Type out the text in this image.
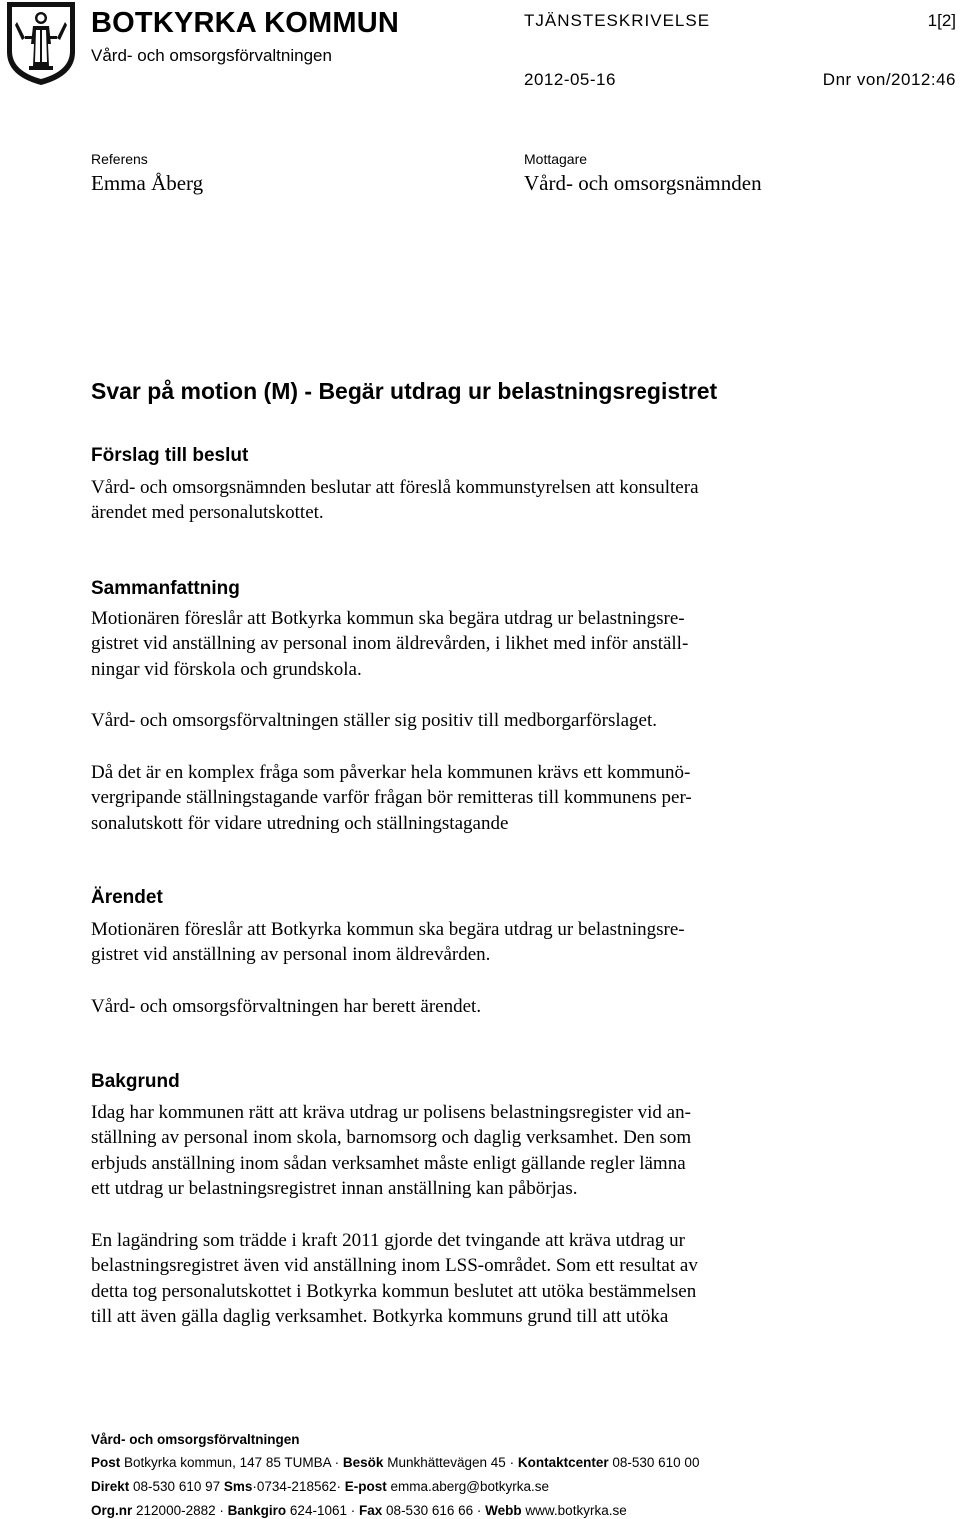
BOTKYRKA KOMMUN
Vård- och omsorgsförvaltningen
TJÄNSTESKRIVELSE	1[2]
2012-05-16	Dnr von/2012:46
Referens
Emma Åberg
Mottagare
Vård- och omsorgsnämnden
Svar på motion (M) - Begär utdrag ur belastningsregistret
Förslag till beslut
Vård- och omsorgsnämnden beslutar att föreslå kommunstyrelsen att konsultera
ärendet med personalutskottet.
Sammanfattning
Motionären föreslår att Botkyrka kommun ska begära utdrag ur belastningsre-
gistret vid anställning av personal inom äldrevården, i likhet med inför anställ-
ningar vid förskola och grundskola.
Vård- och omsorgsförvaltningen ställer sig positiv till medborgarförslaget.
Då det är en komplex fråga som påverkar hela kommunen krävs ett kommunö-
vergripande ställningstagande varför frågan bör remitteras till kommunens per-
sonalutskott för vidare utredning och ställningstagande
Ärendet
Motionären föreslår att Botkyrka kommun ska begära utdrag ur belastningsre-
gistret vid anställning av personal inom äldrevården.
Vård- och omsorgsförvaltningen har berett ärendet.
Bakgrund
Idag har kommunen rätt att kräva utdrag ur polisens belastningsregister vid an-
ställning av personal inom skola, barnomsorg och daglig verksamhet. Den som
erbjuds anställning inom sådan verksamhet måste enligt gällande regler lämna
ett utdrag ur belastningsregistret innan anställning kan påbörjas.
En lagändring som trädde i kraft 2011 gjorde det tvingande att kräva utdrag ur
belastningsregistret även vid anställning inom LSS-området. Som ett resultat av
detta tog personalutskottet i Botkyrka kommun beslutet att utöka bestämmelsen
till att även gälla daglig verksamhet. Botkyrka kommuns grund till att utöka
Vård- och omsorgsförvaltningen
Post Botkyrka kommun, 147 85 TUMBA · Besök Munkhättevägen 45 · Kontaktcenter 08-530 610 00
Direkt 08-530 610 97 Sms·0734-218562· E-post emma.aberg@botkyrka.se
Org.nr 212000-2882 · Bankgiro 624-1061 · Fax 08-530 616 66 · Webb www.botkyrka.se
